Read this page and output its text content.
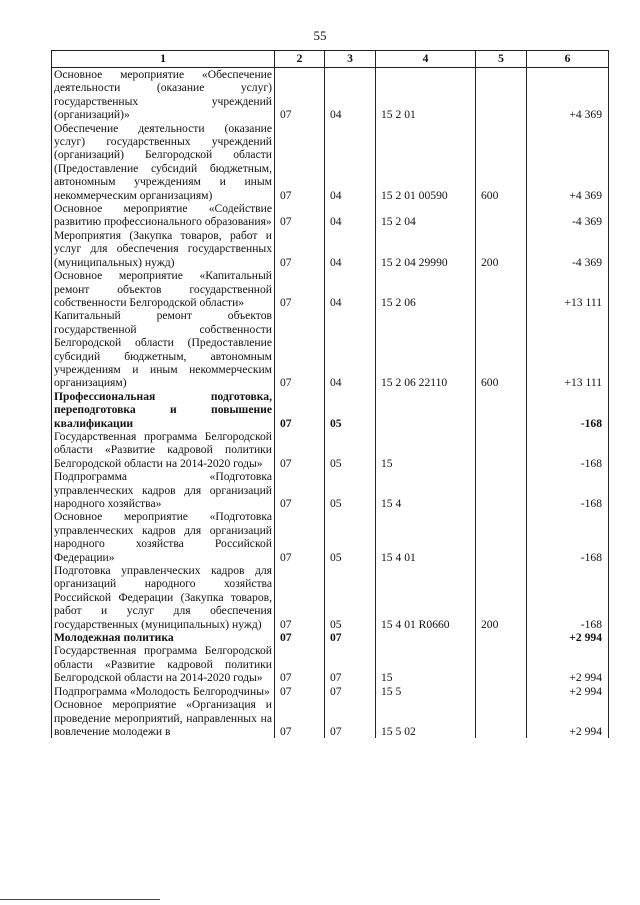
55
1	2	3	4	5	6
Основное мероприятие «Обеспечение деятельности (оказание услуг) государственных учреждений (организаций)»	07	04	15 2 01		+4 369
Обеспечение деятельности (оказание услуг) государственных учреждений (организаций) Белгородской области (Предоставление субсидий бюджетным, автономным учреждениям и иным некоммерческим организациям)	07	04	15 2 01 00590	600	+4 369
Основное мероприятие «Содействие развитию профессионального образования»	07	04	15 2 04		-4 369
Мероприятия (Закупка товаров, работ и услуг для обеспечения государственных (муниципальных) нужд)	07	04	15 2 04 29990	200	-4 369
Основное мероприятие «Капитальный ремонт объектов государственной собственности Белгородской области»	07	04	15 2 06		+13 111
Капитальный ремонт объектов государственной собственности Белгородской области (Предоставление субсидий бюджетным, автономным учреждениям и иным некоммерческим организациям)	07	04	15 2 06 22110	600	+13 111
Профессиональная подготовка, переподготовка и повышение квалификации	07	05			-168
Государственная программа Белгородской области «Развитие кадровой политики Белгородской области на 2014-2020 годы»	07	05	15		-168
Подпрограмма «Подготовка управленческих кадров для организаций народного хозяйства»	07	05	15 4		-168
Основное мероприятие «Подготовка управленческих кадров для организаций народного хозяйства Российской Федерации»	07	05	15 4 01		-168
Подготовка управленческих кадров для организаций народного хозяйства Российской Федерации (Закупка товаров, работ и услуг для обеспечения государственных (муниципальных) нужд)	07	05	15 4 01 R0660	200	-168
Молодежная политика	07	07			+2 994
Государственная программа Белгородской области «Развитие кадровой политики Белгородской области на 2014-2020 годы»	07	07	15		+2 994
Подпрограмма «Молодость Белгородчины»	07	07	15 5		+2 994
Основное мероприятие «Организация и проведение мероприятий, направленных на вовлечение молодежи в	07	07	15 5 02		+2 994
